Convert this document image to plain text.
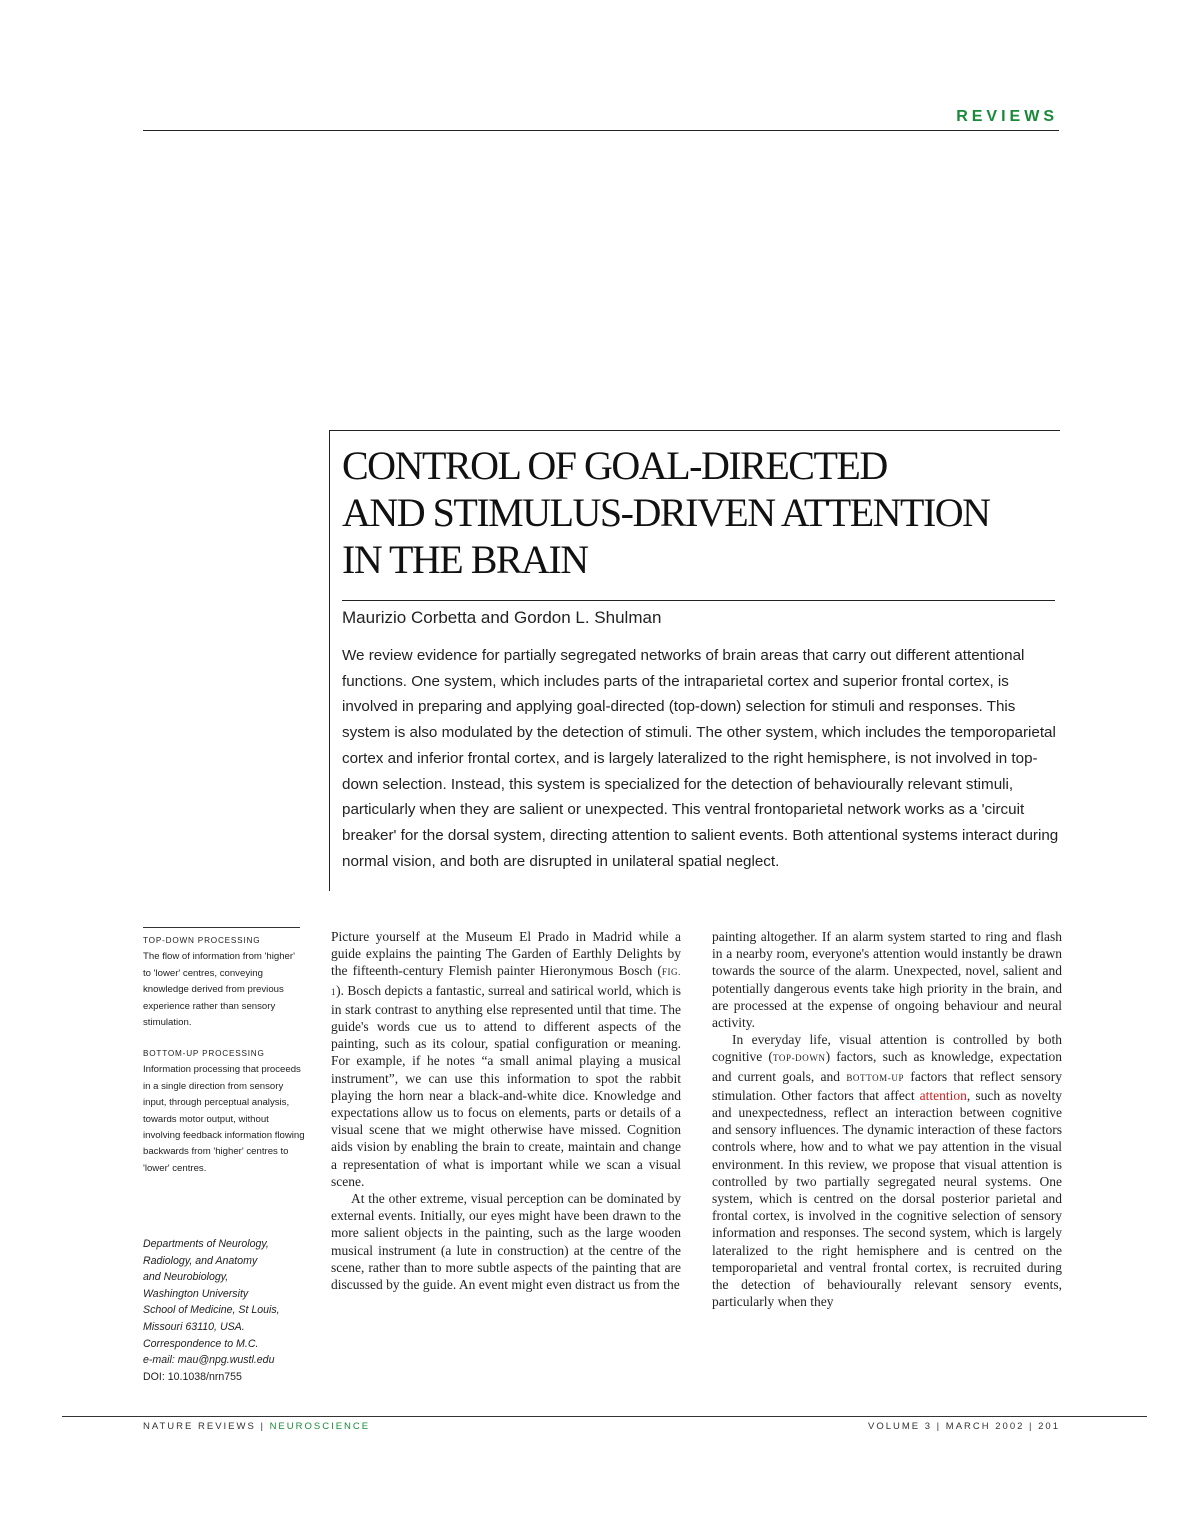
REVIEWS
CONTROL OF GOAL-DIRECTED
AND STIMULUS-DRIVEN ATTENTION
IN THE BRAIN
Maurizio Corbetta and Gordon L. Shulman
We review evidence for partially segregated networks of brain areas that carry out different attentional functions. One system, which includes parts of the intraparietal cortex and superior frontal cortex, is involved in preparing and applying goal-directed (top-down) selection for stimuli and responses. This system is also modulated by the detection of stimuli. The other system, which includes the temporoparietal cortex and inferior frontal cortex, and is largely lateralized to the right hemisphere, is not involved in top-down selection. Instead, this system is specialized for the detection of behaviourally relevant stimuli, particularly when they are salient or unexpected. This ventral frontoparietal network works as a 'circuit breaker' for the dorsal system, directing attention to salient events. Both attentional systems interact during normal vision, and both are disrupted in unilateral spatial neglect.
TOP-DOWN PROCESSING
The flow of information from 'higher' to 'lower' centres, conveying knowledge derived from previous experience rather than sensory stimulation.
BOTTOM-UP PROCESSING
Information processing that proceeds in a single direction from sensory input, through perceptual analysis, towards motor output, without involving feedback information flowing backwards from 'higher' centres to 'lower' centres.
Departments of Neurology,
Radiology, and Anatomy
and Neurobiology,
Washington University
School of Medicine, St Louis,
Missouri 63110, USA.
Correspondence to M.C.
e-mail: mau@npg.wustl.edu
DOI: 10.1038/nrn755

Picture yourself at the Museum El Prado in Madrid while a guide explains the painting The Garden of Earthly Delights by the fifteenth-century Flemish painter Hieronymous Bosch (FIG. 1). Bosch depicts a fantastic, surreal and satirical world, which is in stark contrast to anything else represented until that time. The guide's words cue us to attend to different aspects of the painting, such as its colour, spatial configuration or meaning. For example, if he notes “a small animal playing a musical instrument”, we can use this information to spot the rabbit playing the horn near a black-and-white dice. Knowledge and expectations allow us to focus on elements, parts or details of a visual scene that we might otherwise have missed. Cognition aids vision by enabling the brain to create, maintain and change a representation of what is important while we scan a visual scene.

At the other extreme, visual perception can be dominated by external events. Initially, our eyes might have been drawn to the more salient objects in the painting, such as the large wooden musical instrument (a lute in construction) at the centre of the scene, rather than to more subtle aspects of the painting that are discussed by the guide. An event might even distract us from the

painting altogether. If an alarm system started to ring and flash in a nearby room, everyone's attention would instantly be drawn towards the source of the alarm. Unexpected, novel, salient and potentially dangerous events take high priority in the brain, and are processed at the expense of ongoing behaviour and neural activity.

In everyday life, visual attention is controlled by both cognitive (TOP-DOWN) factors, such as knowledge, expectation and current goals, and BOTTOM-UP factors that reflect sensory stimulation. Other factors that affect attention, such as novelty and unexpectedness, reflect an interaction between cognitive and sensory influences. The dynamic interaction of these factors controls where, how and to what we pay attention in the visual environment. In this review, we propose that visual attention is controlled by two partially segregated neural systems. One system, which is centred on the dorsal posterior parietal and frontal cortex, is involved in the cognitive selection of sensory information and responses. The second system, which is largely lateralized to the right hemisphere and is centred on the temporoparietal and ventral frontal cortex, is recruited during the detection of behaviourally relevant sensory events, particularly when they

NATURE REVIEWS | NEUROSCIENCE	VOLUME 3 | MARCH 2002 | 201
